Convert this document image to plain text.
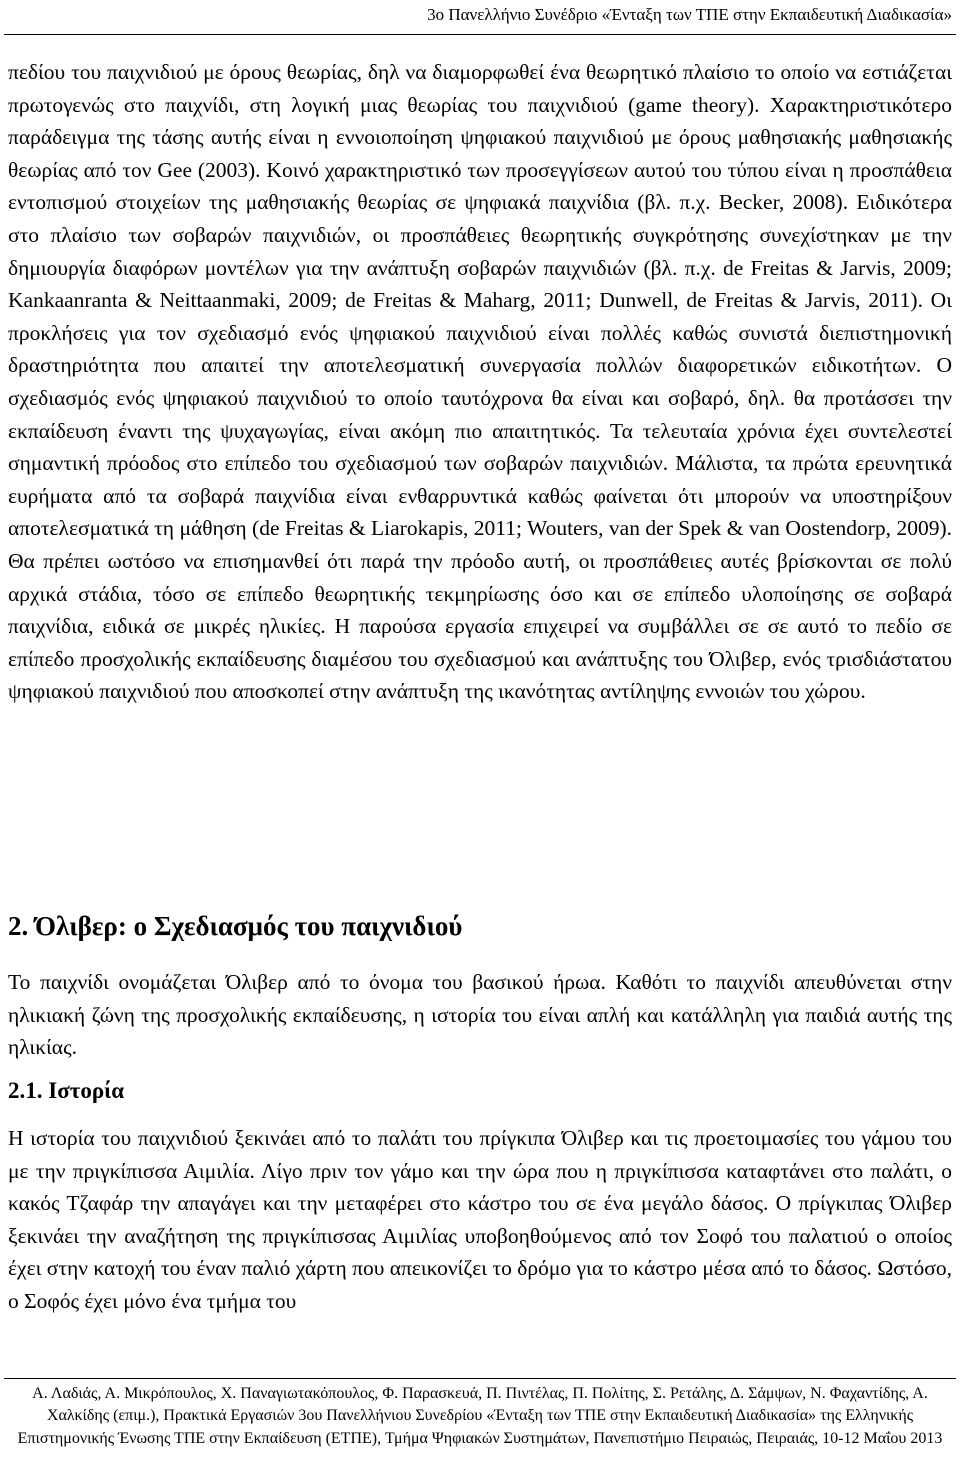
3ο Πανελλήνιο Συνέδριο «Ένταξη των ΤΠΕ στην Εκπαιδευτική Διαδικασία»

πεδίου του παιχνιδιού με όρους θεωρίας, δηλ να διαμορφωθεί ένα θεωρητικό πλαίσιο το οποίο να εστιάζεται πρωτογενώς στο παιχνίδι, στη λογική μιας θεωρίας του παιχνιδιού (game theory). Χαρακτηριστικότερο παράδειγμα της τάσης αυτής είναι η εννοιοποίηση ψηφιακού παιχνιδιού με όρους μαθησιακής μαθησιακής θεωρίας από τον Gee (2003). Κοινό χαρακτηριστικό των προσεγγίσεων αυτού του τύπου είναι η προσπάθεια εντοπισμού στοιχείων της μαθησιακής θεωρίας σε ψηφιακά παιχνίδια (βλ. π.χ. Becker, 2008). Ειδικότερα στο πλαίσιο των σοβαρών παιχνιδιών, οι προσπάθειες θεωρητικής συγκρότησης συνεχίστηκαν με την δημιουργία διαφόρων μοντέλων για την ανάπτυξη σοβαρών παιχνιδιών (βλ. π.χ. de Freitas & Jarvis, 2009; Kankaanranta & Neittaanmaki, 2009; de Freitas & Maharg, 2011; Dunwell, de Freitas & Jarvis, 2011). Οι προκλήσεις για τον σχεδιασμό ενός ψηφιακού παιχνιδιού είναι πολλές καθώς συνιστά διεπιστημονική δραστηριότητα που απαιτεί την αποτελεσματική συνεργασία πολλών διαφορετικών ειδικοτήτων. Ο σχεδιασμός ενός ψηφιακού παιχνιδιού το οποίο ταυτόχρονα θα είναι και σοβαρό, δηλ. θα προτάσσει την εκπαίδευση έναντι της ψυχαγωγίας, είναι ακόμη πιο απαιτητικός. Τα τελευταία χρόνια έχει συντελεστεί σημαντική πρόοδος στο επίπεδο του σχεδιασμού των σοβαρών παιχνιδιών. Μάλιστα, τα πρώτα ερευνητικά ευρήματα από τα σοβαρά παιχνίδια είναι ενθαρρυντικά καθώς φαίνεται ότι μπορούν να υποστηρίξουν αποτελεσματικά τη μάθηση (de Freitas & Liarokapis, 2011; Wouters, van der Spek & van Oostendorp, 2009). Θα πρέπει ωστόσο να επισημανθεί ότι παρά την πρόοδο αυτή, οι προσπάθειες αυτές βρίσκονται σε πολύ αρχικά στάδια, τόσο σε επίπεδο θεωρητικής τεκμηρίωσης όσο και σε επίπεδο υλοποίησης σε σοβαρά παιχνίδια, ειδικά σε μικρές ηλικίες. Η παρούσα εργασία επιχειρεί να συμβάλλει σε σε αυτό το πεδίο σε επίπεδο προσχολικής εκπαίδευσης διαμέσου του σχεδιασμού και ανάπτυξης του Όλιβερ, ενός τρισδιάστατου ψηφιακού παιχνιδιού που αποσκοπεί στην ανάπτυξη της ικανότητας αντίληψης εννοιών του χώρου.

2. Όλιβερ: ο Σχεδιασμός του παιχνιδιού

Το παιχνίδι ονομάζεται Όλιβερ από το όνομα του βασικού ήρωα. Καθότι το παιχνίδι απευθύνεται στην ηλικιακή ζώνη της προσχολικής εκπαίδευσης, η ιστορία του είναι απλή και κατάλληλη για παιδιά αυτής της ηλικίας.

2.1. Ιστορία

Η ιστορία του παιχνιδιού ξεκινάει από το παλάτι του πρίγκιπα Όλιβερ και τις προετοιμασίες του γάμου του με την πριγκίπισσα Αιμιλία. Λίγο πριν τον γάμο και την ώρα που η πριγκίπισσα καταφτάνει στο παλάτι, ο κακός Τζαφάρ την απαγάγει και την μεταφέρει στο κάστρο του σε ένα μεγάλο δάσος. Ο πρίγκιπας Όλιβερ ξεκινάει την αναζήτηση της πριγκίπισσας Αιμιλίας υποβοηθούμενος από τον Σοφό του παλατιού ο οποίος έχει στην κατοχή του έναν παλιό χάρτη που απεικονίζει το δρόμο για το κάστρο μέσα από το δάσος. Ωστόσο, ο Σοφός έχει μόνο ένα τμήμα του

Α. Λαδιάς, Α. Μικρόπουλος, Χ. Παναγιωτακόπουλος, Φ. Παρασκευά, Π. Πιντέλας, Π. Πολίτης, Σ. Ρετάλης, Δ. Σάμψων, Ν. Φαχαντίδης, Α. Χαλκίδης (επιμ.), Πρακτικά Εργασιών 3ου Πανελλήνιου Συνεδρίου «Ένταξη των ΤΠΕ στην Εκπαιδευτική Διαδικασία» της Ελληνικής Επιστημονικής Ένωσης ΤΠΕ στην Εκπαίδευση (ΕΤΠΕ), Τμήμα Ψηφιακών Συστημάτων, Πανεπιστήμιο Πειραιώς, Πειραιάς, 10-12 Μαΐου 2013
